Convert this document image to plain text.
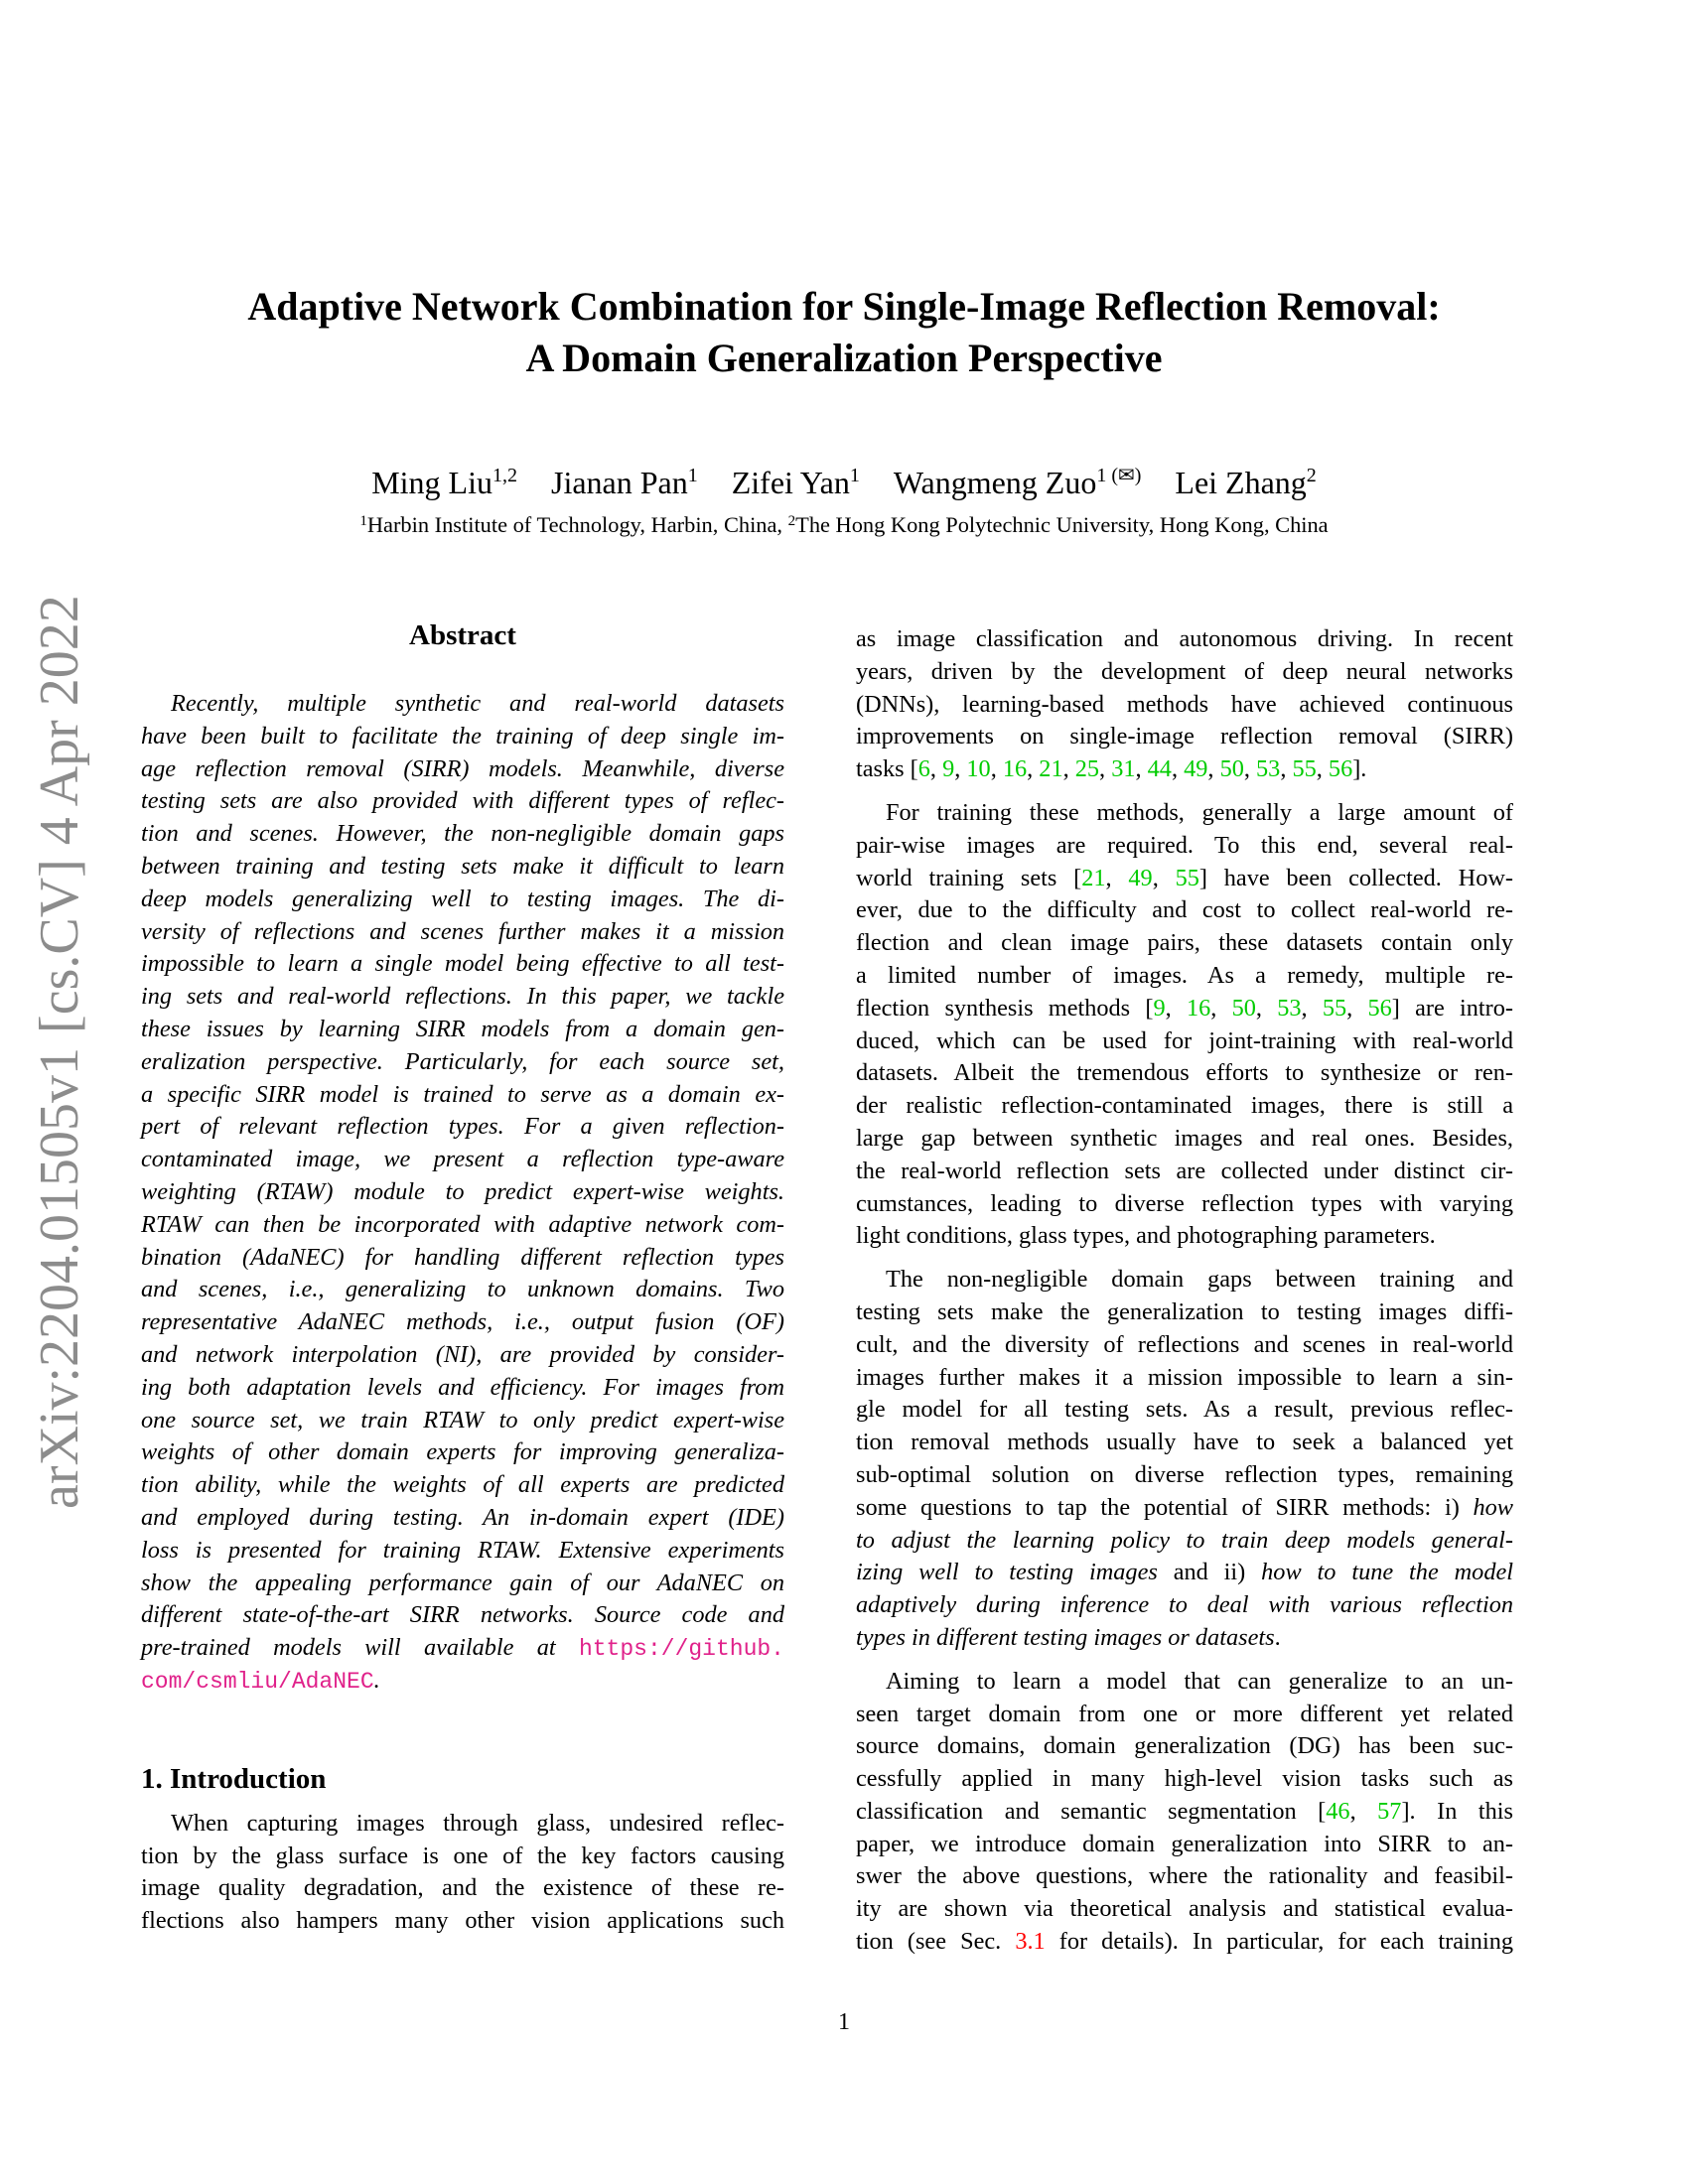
arXiv:2204.01505v1 [cs.CV] 4 Apr 2022
Adaptive Network Combination for Single-Image Reflection Removal:
A Domain Generalization Perspective
Ming Liu$^{1,2}$ Jianan Pan$^1$ Zifei Yan$^1$ Wangmeng Zuo$^{1 (✉)}$ Lei Zhang$^2$
$^1$Harbin Institute of Technology, Harbin, China, $^2$The Hong Kong Polytechnic University, Hong Kong, China
Abstract
Recently, multiple synthetic and real-world datasets
have been built to facilitate the training of deep single im-
age reflection removal (SIRR) models. Meanwhile, diverse
testing sets are also provided with different types of reflec-
tion and scenes. However, the non-negligible domain gaps
between training and testing sets make it difficult to learn
deep models generalizing well to testing images. The di-
versity of reflections and scenes further makes it a mission
impossible to learn a single model being effective to all test-
ing sets and real-world reflections. In this paper, we tackle
these issues by learning SIRR models from a domain gen-
eralization perspective. Particularly, for each source set,
a specific SIRR model is trained to serve as a domain ex-
pert of relevant reflection types. For a given reflection-
contaminated image, we present a reflection type-aware
weighting (RTAW) module to predict expert-wise weights.
RTAW can then be incorporated with adaptive network com-
bination (AdaNEC) for handling different reflection types
and scenes, i.e., generalizing to unknown domains. Two
representative AdaNEC methods, i.e., output fusion (OF)
and network interpolation (NI), are provided by consider-
ing both adaptation levels and efficiency. For images from
one source set, we train RTAW to only predict expert-wise
weights of other domain experts for improving generaliza-
tion ability, while the weights of all experts are predicted
and employed during testing. An in-domain expert (IDE)
loss is presented for training RTAW. Extensive experiments
show the appealing performance gain of our AdaNEC on
different state-of-the-art SIRR networks. Source code and
pre-trained models will available at https://github.
com/csmliu/AdaNEC.
1. Introduction
When capturing images through glass, undesired reflec-
tion by the glass surface is one of the key factors causing
image quality degradation, and the existence of these re-
flections also hampers many other vision applications such
as image classification and autonomous driving. In recent
years, driven by the development of deep neural networks
(DNNs), learning-based methods have achieved continuous
improvements on single-image reflection removal (SIRR)
tasks [6, 9, 10, 16, 21, 25, 31, 44, 49, 50, 53, 55, 56].
For training these methods, generally a large amount of
pair-wise images are required. To this end, several real-
world training sets [21, 49, 55] have been collected. How-
ever, due to the difficulty and cost to collect real-world re-
flection and clean image pairs, these datasets contain only
a limited number of images. As a remedy, multiple re-
flection synthesis methods [9, 16, 50, 53, 55, 56] are intro-
duced, which can be used for joint-training with real-world
datasets. Albeit the tremendous efforts to synthesize or ren-
der realistic reflection-contaminated images, there is still a
large gap between synthetic images and real ones. Besides,
the real-world reflection sets are collected under distinct cir-
cumstances, leading to diverse reflection types with varying
light conditions, glass types, and photographing parameters.
The non-negligible domain gaps between training and
testing sets make the generalization to testing images diffi-
cult, and the diversity of reflections and scenes in real-world
images further makes it a mission impossible to learn a sin-
gle model for all testing sets. As a result, previous reflec-
tion removal methods usually have to seek a balanced yet
sub-optimal solution on diverse reflection types, remaining
some questions to tap the potential of SIRR methods: i) how
to adjust the learning policy to train deep models general-
izing well to testing images and ii) how to tune the model
adaptively during inference to deal with various reflection
types in different testing images or datasets.
Aiming to learn a model that can generalize to an un-
seen target domain from one or more different yet related
source domains, domain generalization (DG) has been suc-
cessfully applied in many high-level vision tasks such as
classification and semantic segmentation [46, 57]. In this
paper, we introduce domain generalization into SIRR to an-
swer the above questions, where the rationality and feasibil-
ity are shown via theoretical analysis and statistical evalua-
tion (see Sec. 3.1 for details). In particular, for each training
1
